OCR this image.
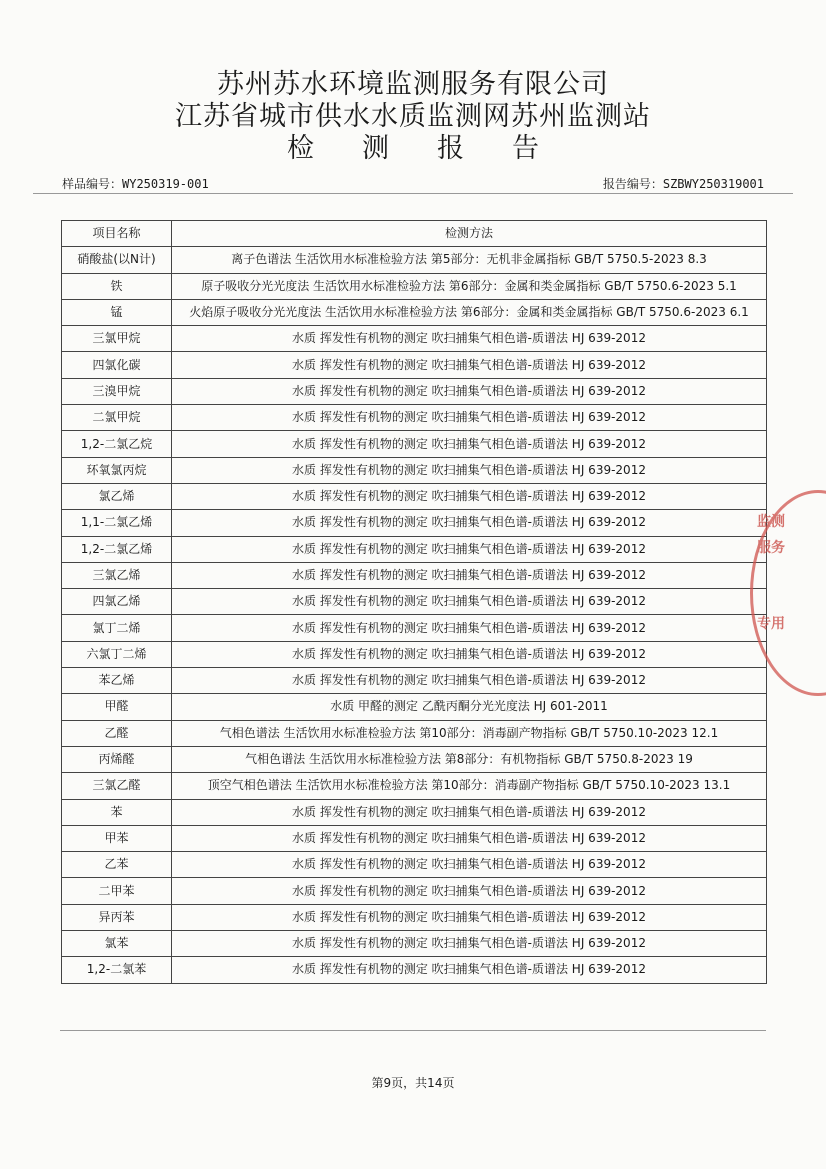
苏州苏水环境监测服务有限公司
江苏省城市供水水质监测网苏州监测站
检测报告
样品编号：WY250319-001	报告编号：SZBWY250319001
项目名称	检测方法
硝酸盐(以N计)	离子色谱法 生活饮用水标准检验方法 第5部分：无机非金属指标 GB/T 5750.5-2023 8.3
铁	原子吸收分光光度法 生活饮用水标准检验方法 第6部分：金属和类金属指标 GB/T 5750.6-2023 5.1
锰	火焰原子吸收分光光度法 生活饮用水标准检验方法 第6部分：金属和类金属指标 GB/T 5750.6-2023 6.1
三氯甲烷	水质 挥发性有机物的测定 吹扫捕集气相色谱-质谱法 HJ 639-2012
四氯化碳	水质 挥发性有机物的测定 吹扫捕集气相色谱-质谱法 HJ 639-2012
三溴甲烷	水质 挥发性有机物的测定 吹扫捕集气相色谱-质谱法 HJ 639-2012
二氯甲烷	水质 挥发性有机物的测定 吹扫捕集气相色谱-质谱法 HJ 639-2012
1,2-二氯乙烷	水质 挥发性有机物的测定 吹扫捕集气相色谱-质谱法 HJ 639-2012
环氧氯丙烷	水质 挥发性有机物的测定 吹扫捕集气相色谱-质谱法 HJ 639-2012
氯乙烯	水质 挥发性有机物的测定 吹扫捕集气相色谱-质谱法 HJ 639-2012
1,1-二氯乙烯	水质 挥发性有机物的测定 吹扫捕集气相色谱-质谱法 HJ 639-2012
1,2-二氯乙烯	水质 挥发性有机物的测定 吹扫捕集气相色谱-质谱法 HJ 639-2012
三氯乙烯	水质 挥发性有机物的测定 吹扫捕集气相色谱-质谱法 HJ 639-2012
四氯乙烯	水质 挥发性有机物的测定 吹扫捕集气相色谱-质谱法 HJ 639-2012
氯丁二烯	水质 挥发性有机物的测定 吹扫捕集气相色谱-质谱法 HJ 639-2012
六氯丁二烯	水质 挥发性有机物的测定 吹扫捕集气相色谱-质谱法 HJ 639-2012
苯乙烯	水质 挥发性有机物的测定 吹扫捕集气相色谱-质谱法 HJ 639-2012
甲醛	水质 甲醛的测定 乙酰丙酮分光光度法 HJ 601-2011
乙醛	气相色谱法 生活饮用水标准检验方法 第10部分：消毒副产物指标 GB/T 5750.10-2023 12.1
丙烯醛	气相色谱法 生活饮用水标准检验方法 第8部分：有机物指标 GB/T 5750.8-2023 19
三氯乙醛	顶空气相色谱法 生活饮用水标准检验方法 第10部分：消毒副产物指标 GB/T 5750.10-2023 13.1
苯	水质 挥发性有机物的测定 吹扫捕集气相色谱-质谱法 HJ 639-2012
甲苯	水质 挥发性有机物的测定 吹扫捕集气相色谱-质谱法 HJ 639-2012
乙苯	水质 挥发性有机物的测定 吹扫捕集气相色谱-质谱法 HJ 639-2012
二甲苯	水质 挥发性有机物的测定 吹扫捕集气相色谱-质谱法 HJ 639-2012
异丙苯	水质 挥发性有机物的测定 吹扫捕集气相色谱-质谱法 HJ 639-2012
氯苯	水质 挥发性有机物的测定 吹扫捕集气相色谱-质谱法 HJ 639-2012
1,2-二氯苯	水质 挥发性有机物的测定 吹扫捕集气相色谱-质谱法 HJ 639-2012
第9页，共14页
监测
服务
专用
